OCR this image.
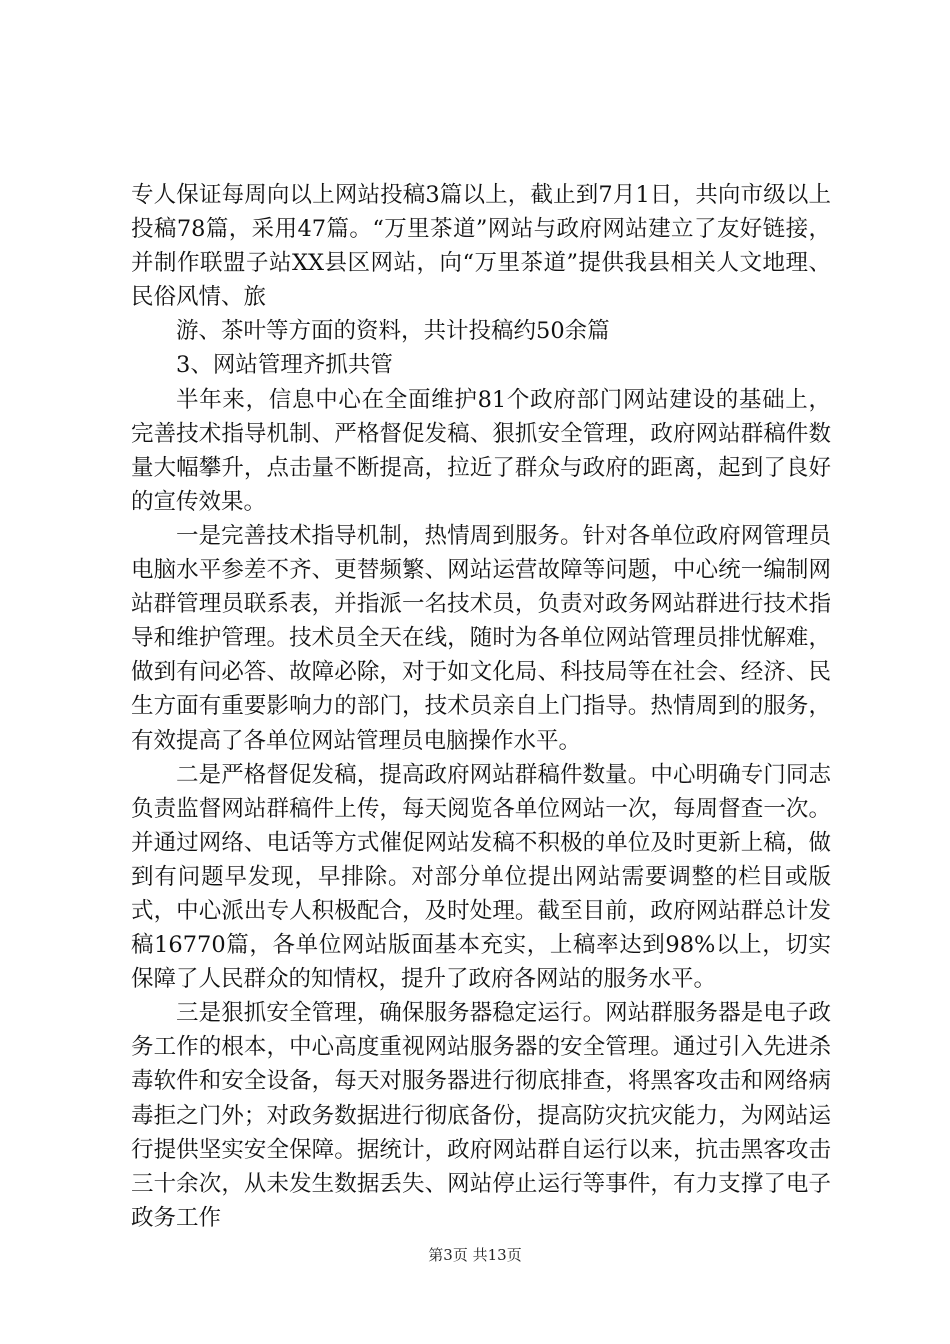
专人保证每周向以上网站投稿3篇以上，截止到7月1日，共向市级以上投稿78篇，采用47篇。“万里茶道”网站与政府网站建立了友好链接，并制作联盟子站XX县区网站，向“万里茶道”提供我县相关人文地理、民俗风情、旅

游、茶叶等方面的资料，共计投稿约50余篇

3、网站管理齐抓共管

半年来，信息中心在全面维护81个政府部门网站建设的基础上，完善技术指导机制、严格督促发稿、狠抓安全管理，政府网站群稿件数量大幅攀升，点击量不断提高，拉近了群众与政府的距离，起到了良好的宣传效果。

一是完善技术指导机制，热情周到服务。针对各单位政府网管理员电脑水平参差不齐、更替频繁、网站运营故障等问题，中心统一编制网站群管理员联系表，并指派一名技术员，负责对政务网站群进行技术指导和维护管理。技术员全天在线，随时为各单位网站管理员排忧解难，做到有问必答、故障必除，对于如文化局、科技局等在社会、经济、民生方面有重要影响力的部门，技术员亲自上门指导。热情周到的服务，有效提高了各单位网站管理员电脑操作水平。

二是严格督促发稿，提高政府网站群稿件数量。中心明确专门同志负责监督网站群稿件上传，每天阅览各单位网站一次，每周督查一次。并通过网络、电话等方式催促网站发稿不积极的单位及时更新上稿，做到有问题早发现，早排除。对部分单位提出网站需要调整的栏目或版式，中心派出专人积极配合，及时处理。截至目前，政府网站群总计发稿16770篇，各单位网站版面基本充实，上稿率达到98%以上，切实保障了人民群众的知情权，提升了政府各网站的服务水平。

三是狠抓安全管理，确保服务器稳定运行。网站群服务器是电子政务工作的根本，中心高度重视网站服务器的安全管理。通过引入先进杀毒软件和安全设备，每天对服务器进行彻底排查，将黑客攻击和网络病毒拒之门外；对政务数据进行彻底备份，提高防灾抗灾能力，为网站运行提供坚实安全保障。据统计，政府网站群自运行以来，抗击黑客攻击三十余次，从未发生数据丢失、网站停止运行等事件，有力支撑了电子政务工作

第3页 共13页
